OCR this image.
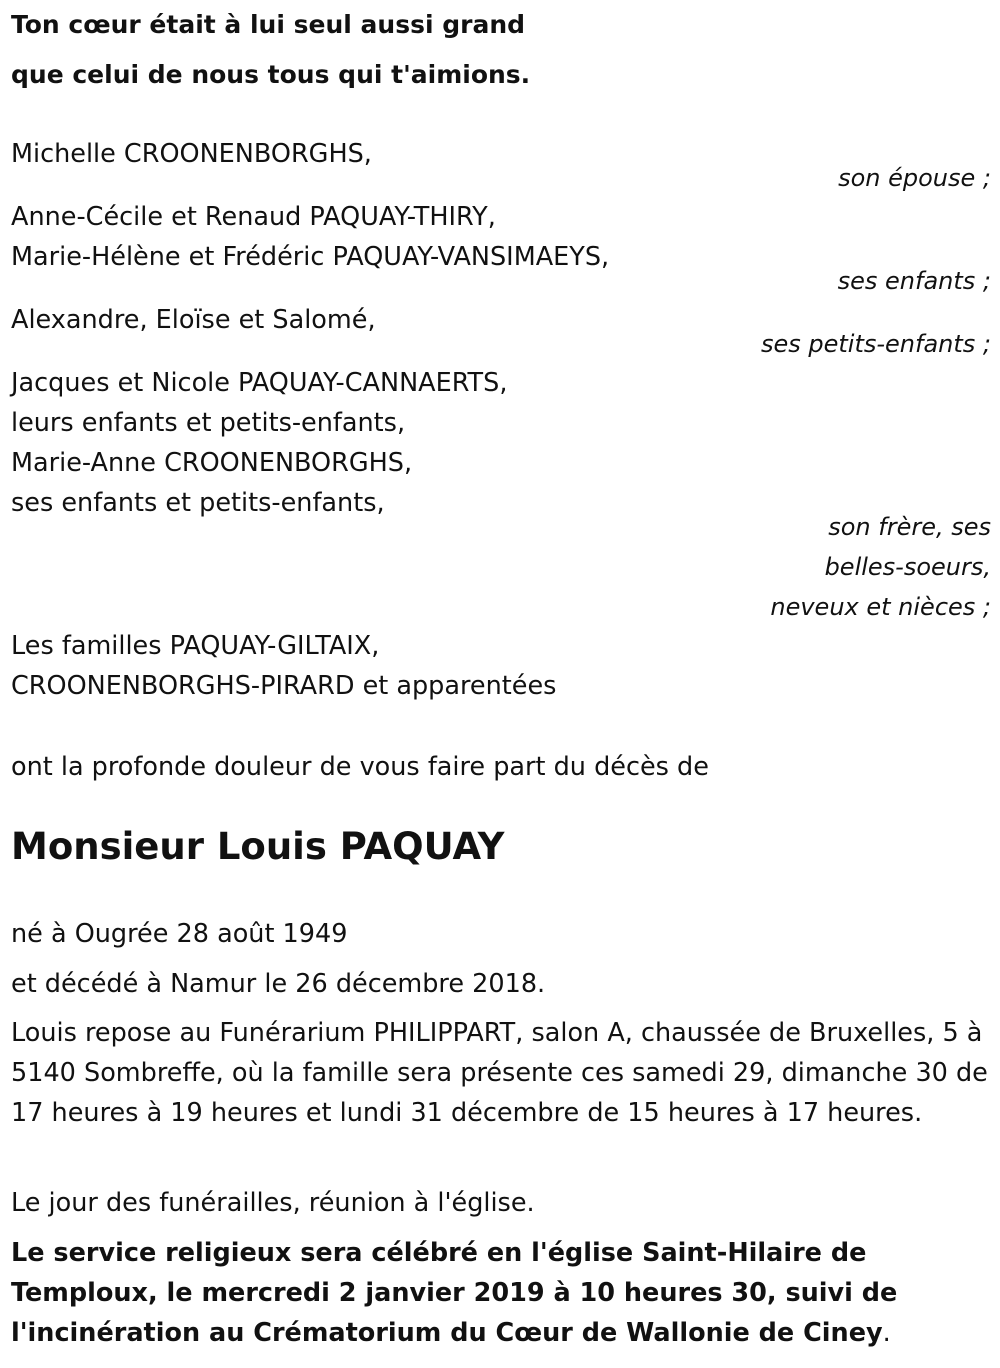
Ton cœur était à lui seul aussi grand
que celui de nous tous qui t'aimions.
Michelle CROONENBORGHS,
son épouse ;
Anne-Cécile et Renaud PAQUAY-THIRY,
Marie-Hélène et Frédéric PAQUAY-VANSIMAEYS,
ses enfants ;
Alexandre, Eloïse et Salomé,
ses petits-enfants ;
Jacques et Nicole PAQUAY-CANNAERTS,
leurs enfants et petits-enfants,
Marie-Anne CROONENBORGHS,
ses enfants et petits-enfants,
son frère, ses
belles-soeurs,
neveux et nièces ;
Les familles PAQUAY-GILTAIX,
CROONENBORGHS-PIRARD et apparentées
ont la profonde douleur de vous faire part du décès de
Monsieur Louis PAQUAY
né à Ougrée 28 août 1949
et décédé à Namur le 26 décembre 2018.
Louis repose au Funérarium PHILIPPART, salon A, chaussée de Bruxelles, 5 à 5140 Sombreffe, où la famille sera présente ces samedi 29, dimanche 30 de 17 heures à 19 heures et lundi 31 décembre de 15 heures à 17 heures.
Le jour des funérailles, réunion à l'église.
Le service religieux sera célébré en l'église Saint-Hilaire de Temploux, le mercredi 2 janvier 2019 à 10 heures 30, suivi de l'incinération au Crématorium du Cœur de Wallonie de Ciney.
